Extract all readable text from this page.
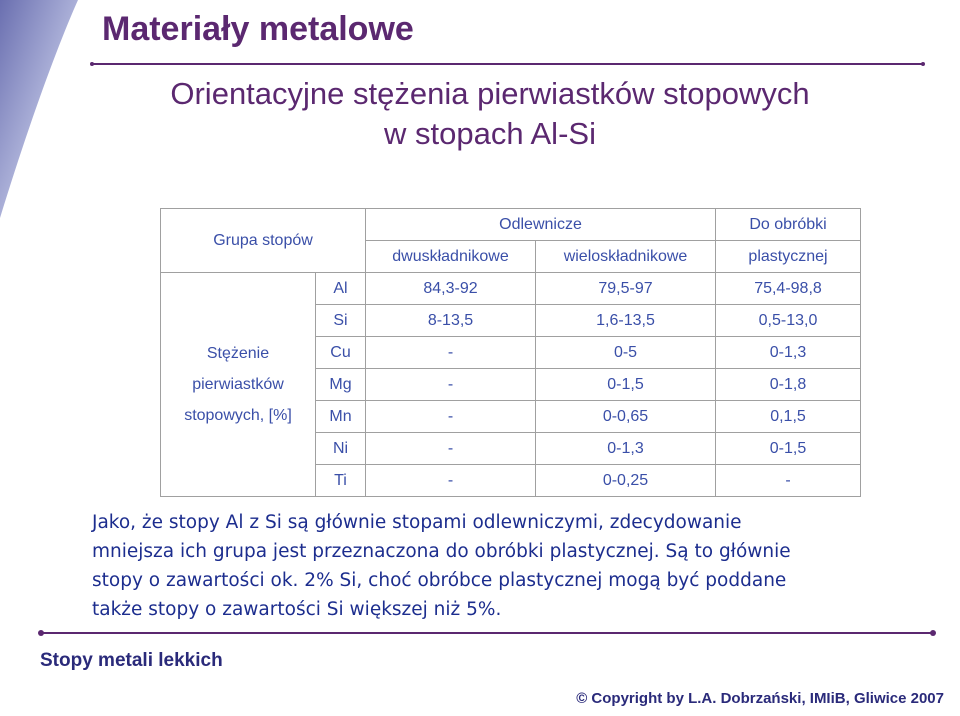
Materiały metalowe
Orientacyjne stężenia pierwiastków stopowych
w stopach Al-Si
Grupa stopów		Odlewnicze		Do obróbki
		dwuskładnikowe	wieloskładnikowe	plastycznej

Stężenie
pierwiastków
stopowych, [%]	Al	84,3-92	79,5-97	75,4-98,8
	Si	8-13,5	1,6-13,5	0,5-13,0
	Cu	-	0-5	0-1,3
	Mg	-	0-1,5	0-1,8
	Mn	-	0-0,65	0,1,5
	Ni	-	0-1,3	0-1,5
	Ti	-	0-0,25	-
Jako, że stopy Al z Si są głównie stopami odlewniczymi, zdecydowanie
mniejsza ich grupa jest przeznaczona do obróbki plastycznej. Są to głównie
stopy o zawartości ok. 2% Si, choć obróbce plastycznej mogą być poddane
także stopy o zawartości Si większej niż 5%.
Stopy metali lekkich
© Copyright by L.A. Dobrzański, IMIiB, Gliwice 2007
